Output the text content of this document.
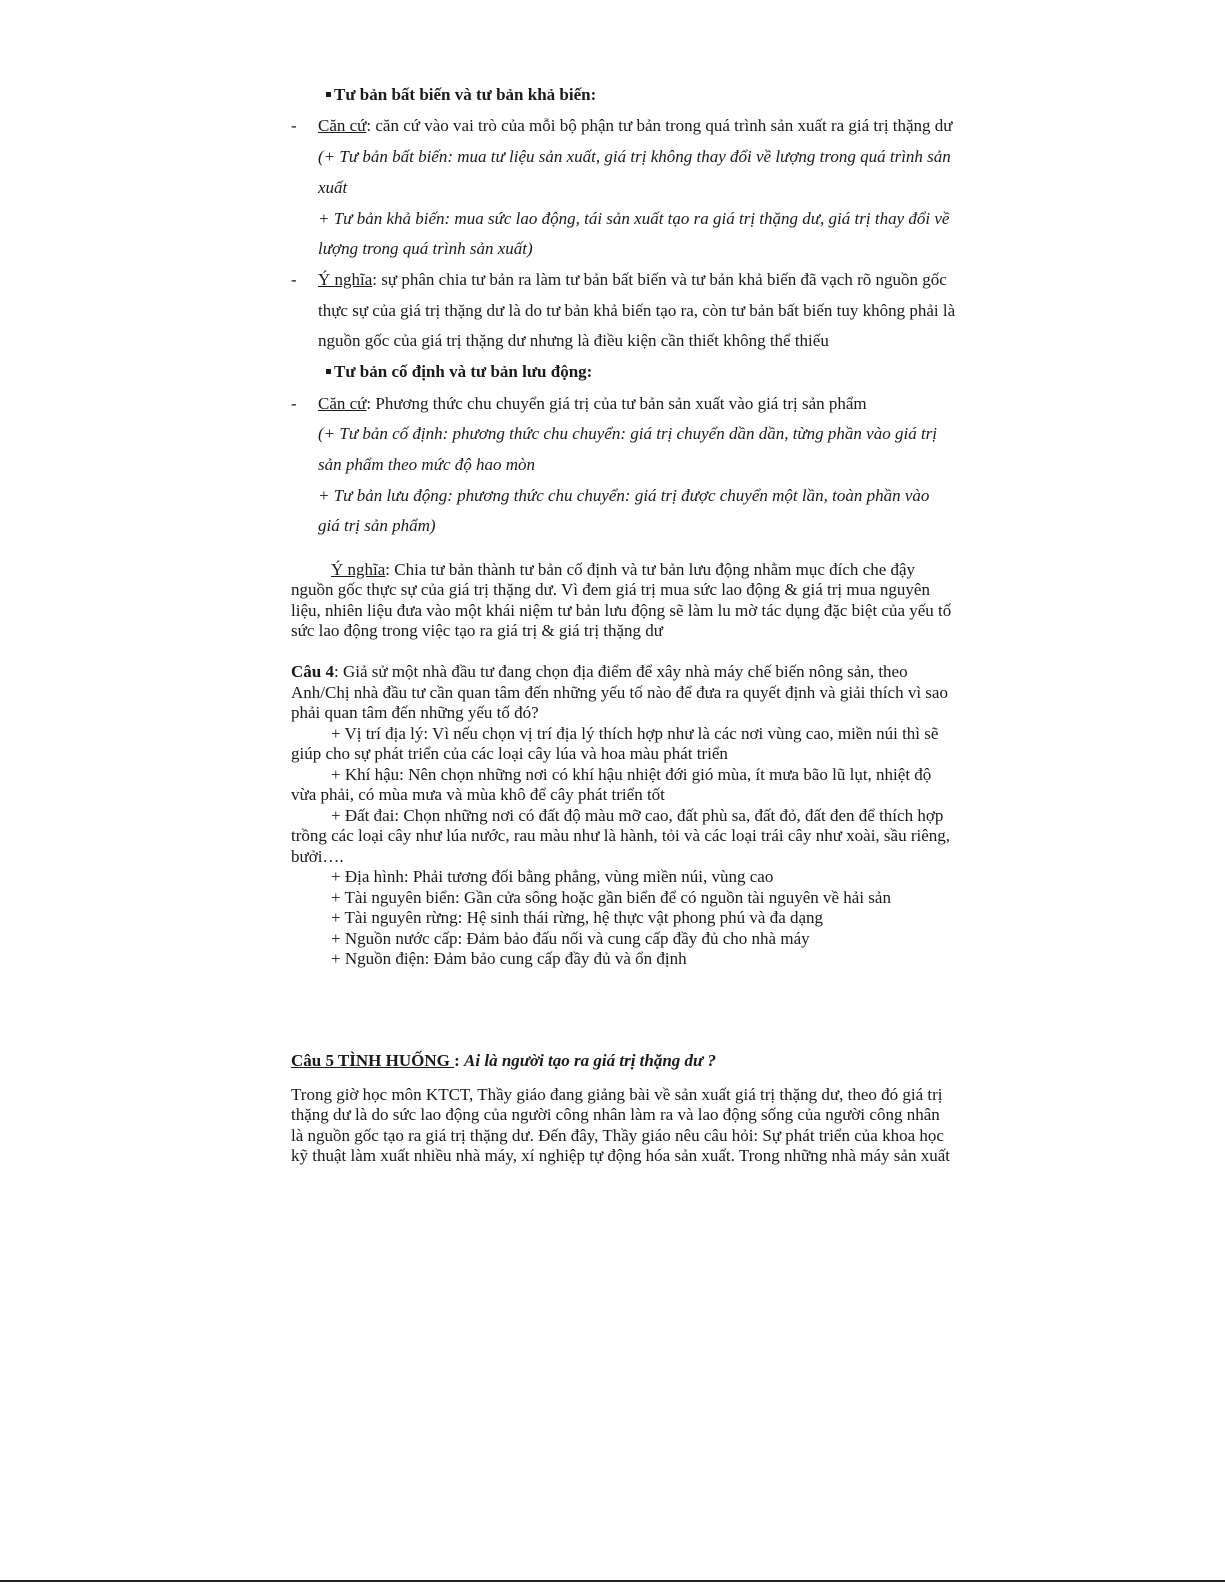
Tư bản bất biến và tư bản khả biến:
- Căn cứ: căn cứ vào vai trò của mỗi bộ phận tư bản trong quá trình sản xuất ra giá trị thặng dư
(+ Tư bản bất biến: mua tư liệu sản xuất, giá trị không thay đổi về lượng trong quá trình sản
xuất
+ Tư bản khả biến: mua sức lao động, tái sản xuất tạo ra giá trị thặng dư, giá trị thay đổi về
lượng trong quá trình sản xuất)
- Ý nghĩa: sự phân chia tư bản ra làm tư bản bất biến và tư bản khả biến đã vạch rõ nguồn gốc
thực sự của giá trị thặng dư là do tư bản khả biến tạo ra, còn tư bản bất biến tuy không phải là
nguồn gốc của giá trị thặng dư nhưng là điều kiện cần thiết không thể thiếu
Tư bản cố định và tư bản lưu động:
- Căn cứ: Phương thức chu chuyển giá trị của tư bản sản xuất vào giá trị sản phẩm
(+ Tư bản cố định: phương thức chu chuyển: giá trị chuyển dần dần, từng phần vào giá trị
sản phẩm theo mức độ hao mòn
+ Tư bản lưu động: phương thức chu chuyển: giá trị được chuyển một lần, toàn phần vào
giá trị sản phẩm)
Ý nghĩa: Chia tư bản thành tư bản cố định và tư bản lưu động nhằm mục đích che đậy
nguồn gốc thực sự của giá trị thặng dư. Vì đem giá trị mua sức lao động & giá trị mua nguyên
liệu, nhiên liệu đưa vào một khái niệm tư bản lưu động sẽ làm lu mờ tác dụng đặc biệt của yếu tố
sức lao động trong việc tạo ra giá trị & giá trị thặng dư
Câu 4: Giả sử một nhà đầu tư đang chọn địa điểm để xây nhà máy chế biến nông sản, theo
Anh/Chị nhà đầu tư cần quan tâm đến những yếu tố nào để đưa ra quyết định và giải thích vì sao
phải quan tâm đến những yếu tố đó?
+ Vị trí địa lý: Vì nếu chọn vị trí địa lý thích hợp như là các nơi vùng cao, miền núi thì sẽ
giúp cho sự phát triển của các loại cây lúa và hoa màu phát triển
+ Khí hậu: Nên chọn những nơi có khí hậu nhiệt đới gió mùa, ít mưa bão lũ lụt, nhiệt độ
vừa phải, có mùa mưa và mùa khô để cây phát triển tốt
+ Đất đai: Chọn những nơi có đất độ màu mỡ cao, đất phù sa, đất đỏ, đất đen để thích hợp
trồng các loại cây như lúa nước, rau màu như là hành, tỏi và các loại trái cây như xoài, sầu riêng,
bưởi….
+ Địa hình: Phải tương đối bằng phẳng, vùng miền núi, vùng cao
+ Tài nguyên biển: Gần cửa sông hoặc gần biển để có nguồn tài nguyên về hải sản
+ Tài nguyên rừng: Hệ sinh thái rừng, hệ thực vật phong phú và đa dạng
+ Nguồn nước cấp: Đảm bảo đấu nối và cung cấp đầy đủ cho nhà máy
+ Nguồn điện: Đảm bảo cung cấp đầy đủ và ổn định
Câu 5 TÌNH HUỐNG : Ai là người tạo ra giá trị thặng dư ?
Trong giờ học môn KTCT, Thầy giáo đang giảng bài về sản xuất giá trị thặng dư, theo đó giá trị
thặng dư là do sức lao động của người công nhân làm ra và lao động sống của người công nhân
là nguồn gốc tạo ra giá trị thặng dư. Đến đây, Thầy giáo nêu câu hỏi: Sự phát triển của khoa học
kỹ thuật làm xuất nhiều nhà máy, xí nghiệp tự động hóa sản xuất. Trong những nhà máy sản xuất
